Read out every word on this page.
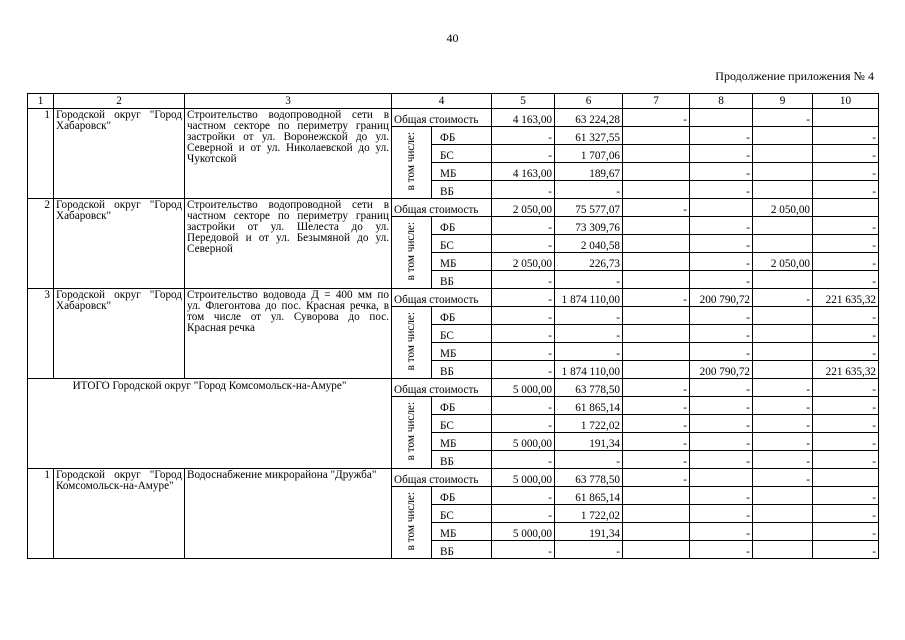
40
Продолжение приложения № 4
1	2	3	4		5	6	7	8	9	10
1	Городской округ "Город Хабаровск"	Строительство водопроводной сети в частном секторе по периметру границ застройки от ул. Воронежской до ул. Северной и от ул. Николаевской до ул. Чукотской	Общая стоимость		4 163,00	63 224,28	-		-	
			в том числе:	ФБ	-	61 327,55		-		-
				БС	-	1 707,06		-		-
				МБ	4 163,00	189,67		-		-
				ВБ	-	-		-		-
2	Городской округ "Город Хабаровск"	Строительство водопроводной сети в частном секторе по периметру границ застройки от ул. Шелеста до ул. Передовой и от ул. Безымяной до ул. Северной	Общая стоимость		2 050,00	75 577,07	-		2 050,00	
			в том числе:	ФБ	-	73 309,76		-		-
				БС	-	2 040,58		-		-
				МБ	2 050,00	226,73		-	2 050,00	-
				ВБ	-	-		-		-
3	Городской округ "Город Хабаровск"	Строительство водовода Д = 400 мм по ул. Флегонтова до пос. Красная речка, в том числе от ул. Суворова до пос. Красная речка	Общая стоимость		-	1 874 110,00	-	200 790,72	-	221 635,32
			в том числе:	ФБ	-	-		-		-
				БС	-	-		-		-
				МБ	-	-		-		-
				ВБ	-	1 874 110,00		200 790,72		221 635,32
ИТОГО Городской округ "Город Комсомольск-на-Амуре"			Общая стоимость		5 000,00	63 778,50	-	-	-	-
			в том числе:	ФБ	-	61 865,14	-	-	-	-
				БС	-	1 722,02	-	-	-	-
				МБ	5 000,00	191,34	-	-	-	-
				ВБ	-	-	-	-	-	-
1	Городской округ "Город Комсомольск-на-Амуре"	Водоснабжение микрорайона "Дружба"	Общая стоимость		5 000,00	63 778,50	-		-	
			в том числе:	ФБ	-	61 865,14		-		-
				БС	-	1 722,02		-		-
				МБ	5 000,00	191,34		-		-
				ВБ	-	-		-		-
